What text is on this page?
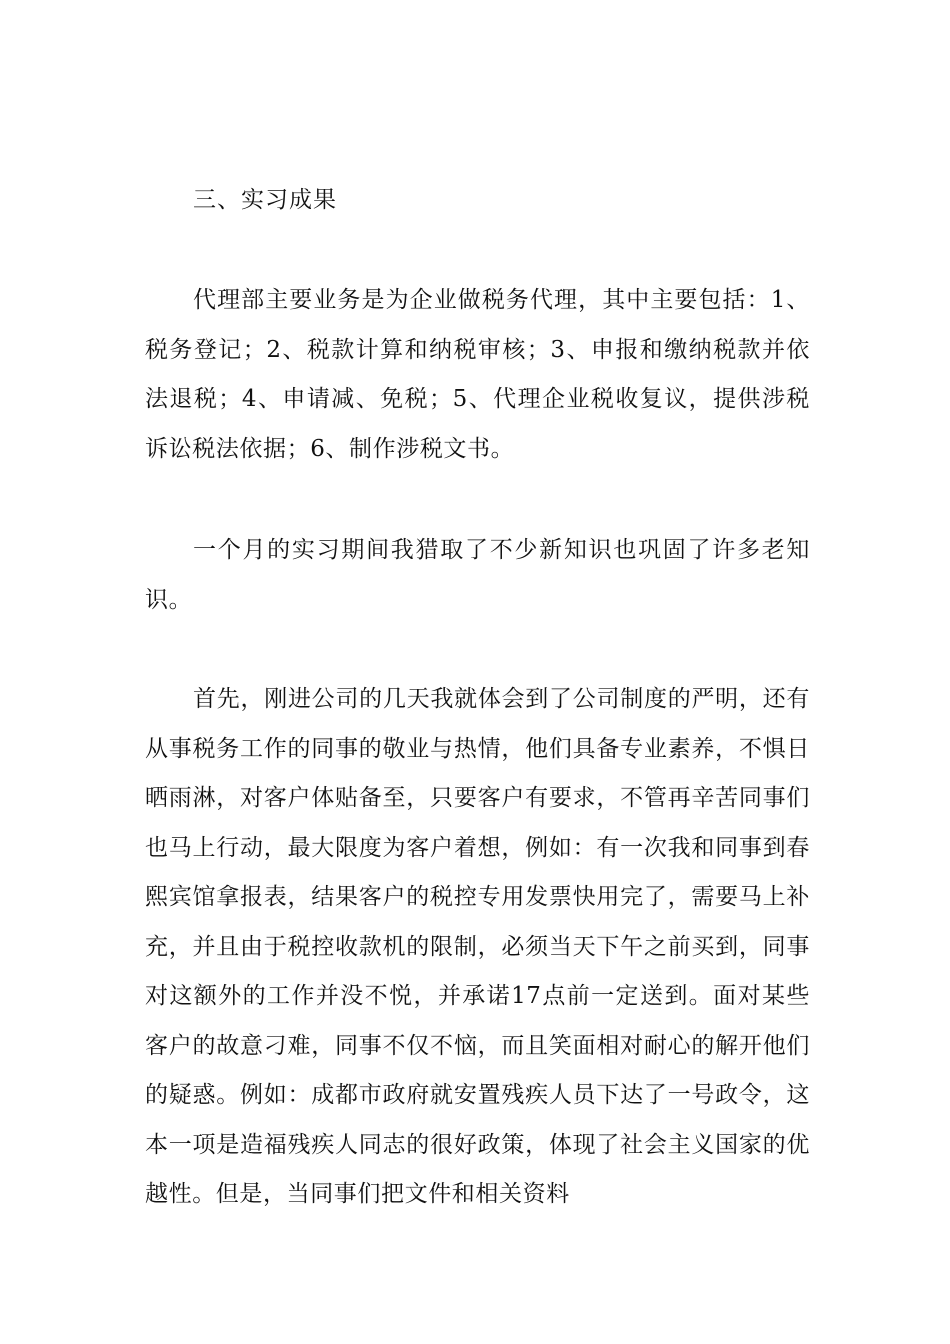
三、实习成果

代理部主要业务是为企业做税务代理，其中主要包括：1、税务登记；2、税款计算和纳税审核；3、申报和缴纳税款并依法退税；4、申请减、免税；5、代理企业税收复议，提供涉税诉讼税法依据；6、制作涉税文书。

一个月的实习期间我猎取了不少新知识也巩固了许多老知识。

首先，刚进公司的几天我就体会到了公司制度的严明，还有从事税务工作的同事的敬业与热情，他们具备专业素养，不惧日晒雨淋，对客户体贴备至，只要客户有要求，不管再辛苦同事们也马上行动，最大限度为客户着想，例如：有一次我和同事到春熙宾馆拿报表，结果客户的税控专用发票快用完了，需要马上补充，并且由于税控收款机的限制，必须当天下午之前买到，同事对这额外的工作并没不悦，并承诺17点前一定送到。面对某些客户的故意刁难，同事不仅不恼，而且笑面相对耐心的解开他们的疑惑。例如：成都市政府就安置残疾人员下达了一号政令，这本一项是造福残疾人同志的很好政策，体现了社会主义国家的优越性。但是，当同事们把文件和相关资料
